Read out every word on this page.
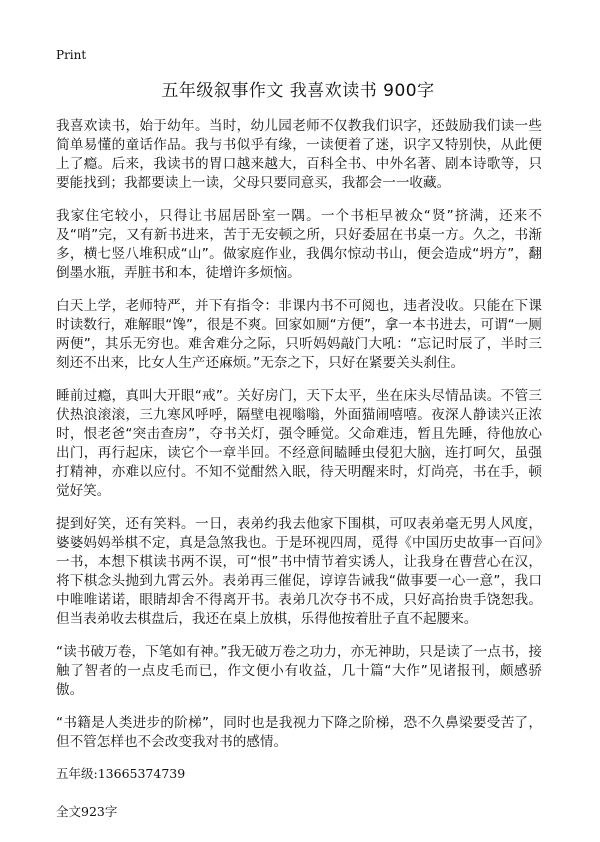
Print
五年级叙事作文 我喜欢读书 900字

我喜欢读书，始于幼年。当时，幼儿园老师不仅教我们识字，还鼓励我们读一些简单易懂的童话作品。我与书似乎有缘，一读便着了迷，识字又特别快，从此便上了瘾。后来，我读书的胃口越来越大，百科全书、中外名著、剧本诗歌等，只要能找到；我都要读上一读，父母只要同意买，我都会一一收藏。

我家住宅较小，只得让书屈居卧室一隅。一个书柜早被众“贤”挤满，还来不及“哨”完，又有新书进来，苦于无安顿之所，只好委屈在书桌一方。久之，书渐多，横七竖八堆积成“山”。做家庭作业，我偶尔惊动书山，便会造成“坍方”，翻倒墨水瓶，弄脏书和本，徒增许多烦恼。

白天上学，老师特严，并下有指令：非课内书不可阅也，违者没收。只能在下课时读数行，难解眼“馋”，很是不爽。回家如厕“方便”，拿一本书进去，可谓“一厕两便”，其乐无穷也。难舍难分之际，只听妈妈敲门大吼：“忘记时辰了，半时三刻还不出来，比女人生产还麻烦。”无奈之下，只好在紧要关头刹住。

睡前过瘾，真叫大开眼“戒”。关好房门，天下太平，坐在床头尽情品读。不管三伏热浪滚滚，三九寒风呼呼，隔壁电视嗡嗡，外面猫闹嘻嘻。夜深人静读兴正浓时，恨老爸“突击查房”，夺书关灯，强令睡觉。父命难违，暂且先睡，待他放心出门，再行起床，读它个一章半回。不经意间瞌睡虫侵犯大脑，连打呵欠，虽强打精神，亦难以应付。不知不觉酣然入眠，待天明醒来时，灯尚亮，书在手，顿觉好笑。

提到好笑，还有笑料。一日，表弟约我去他家下围棋，可叹表弟毫无男人风度，婆婆妈妈举棋不定，真是急煞我也。于是环视四周，觅得《中国历史故事一百问》一书，本想下棋读书两不误，可“恨”书中情节着实诱人，让我身在曹营心在汉，将下棋念头抛到九霄云外。表弟再三催促，谆谆告诫我“做事要一心一意”，我口中唯唯诺诺，眼睛却舍不得离开书。表弟几次夺书不成，只好高抬贵手饶恕我。但当表弟收去棋盘后，我还在桌上放棋，乐得他按着肚子直不起腰来。

“读书破万卷，下笔如有神。”我无破万卷之功力，亦无神助，只是读了一点书，接触了智者的一点皮毛而已，作文便小有收益，几十篇“大作”见诸报刊，颇感骄傲。

“书籍是人类进步的阶梯”，同时也是我视力下降之阶梯，恐不久鼻梁要受苦了，但不管怎样也不会改变我对书的感情。

五年级:13665374739

全文923字
